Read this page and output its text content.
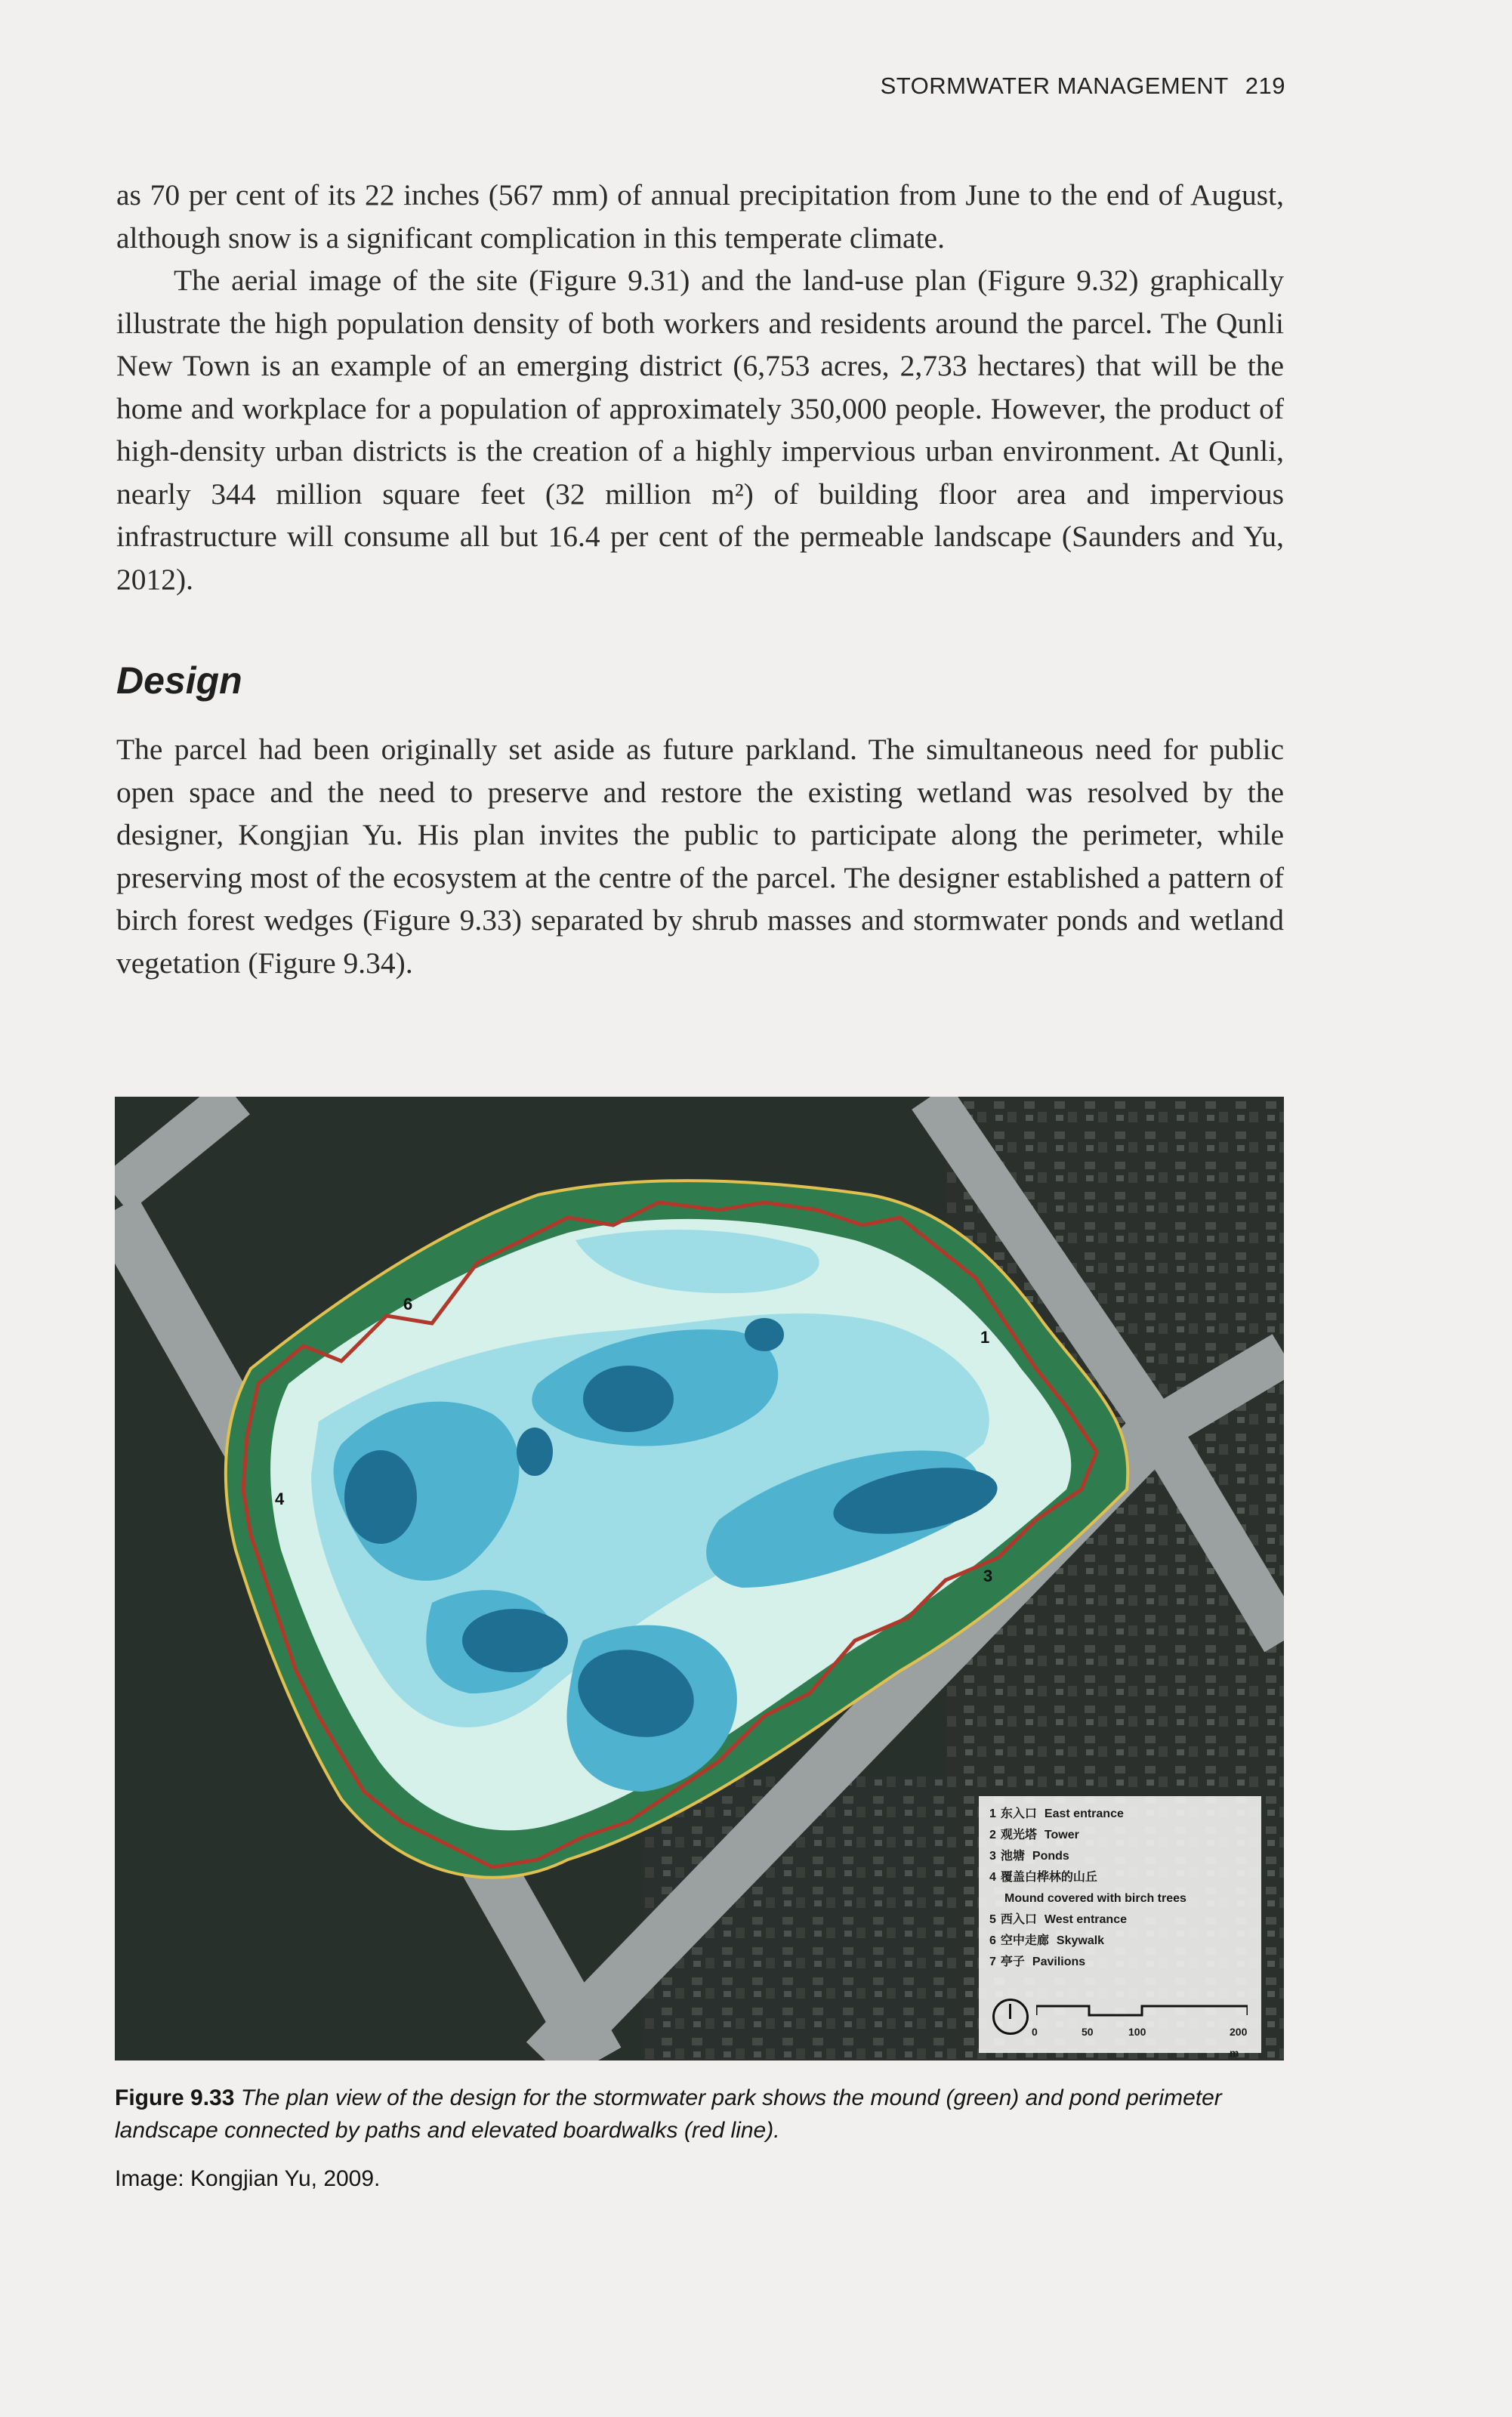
STORMWATER MANAGEMENT 219

as 70 per cent of its 22 inches (567 mm) of annual precipitation from June to the end of August, although snow is a significant complication in this temperate climate.

The aerial image of the site (Figure 9.31) and the land-use plan (Figure 9.32) graphically illustrate the high population density of both workers and residents around the parcel. The Qunli New Town is an example of an emerging district (6,753 acres, 2,733 hectares) that will be the home and workplace for a population of approximately 350,000 people. However, the product of high-density urban districts is the creation of a highly impervious urban environment. At Qunli, nearly 344 million square feet (32 million m²) of building floor area and impervious infrastructure will consume all but 16.4 per cent of the permeable landscape (Saunders and Yu, 2012).

Design

The parcel had been originally set aside as future parkland. The simultaneous need for public open space and the need to preserve and restore the existing wetland was resolved by the designer, Kongjian Yu. His plan invites the public to participate along the perimeter, while preserving most of the ecosystem at the centre of the parcel. The designer established a pattern of birch forest wedges (Figure 9.33) separated by shrub masses and stormwater ponds and wetland vegetation (Figure 9.34).

1
3
4
6
1 东入口 East entrance
2 观光塔 Tower
3 池塘 Ponds
4 覆盖白桦林的山丘
Mound covered with birch trees
5 西入口 West entrance
6 空中走廊 Skywalk
7 亭子 Pavilions
0	50	100	200 m
Figure 9.33 The plan view of the design for the stormwater park shows the mound (green) and pond perimeter landscape connected by paths and elevated boardwalks (red line).
Image: Kongjian Yu, 2009.
